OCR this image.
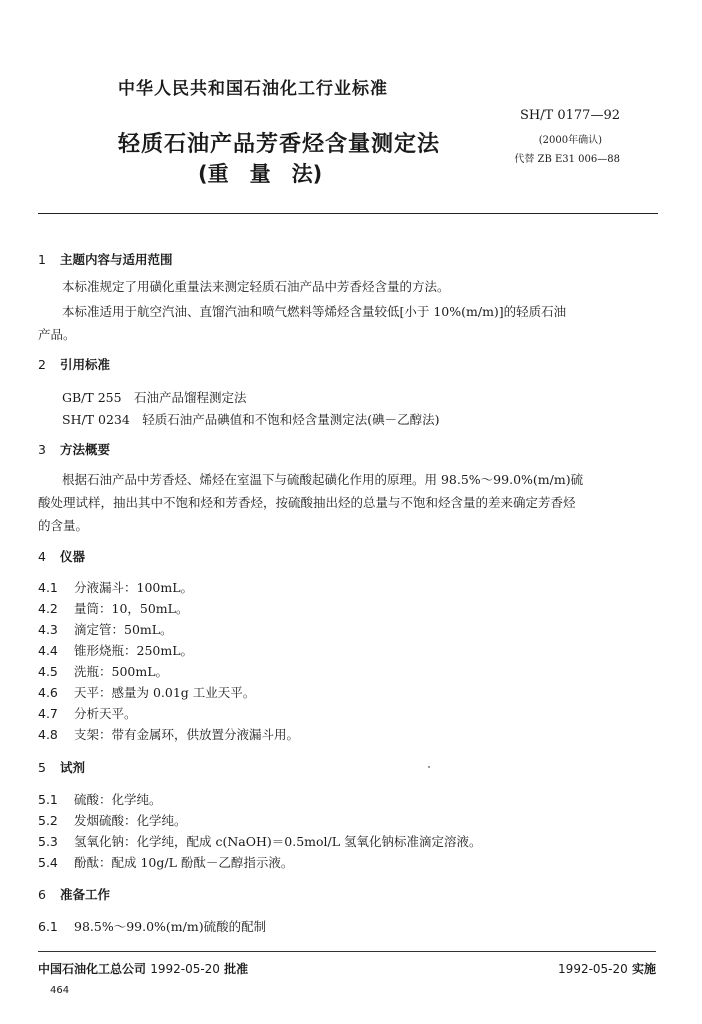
中华人民共和国石油化工行业标准
SH/T 0177—92
(2000年确认)
代替 ZB E31 006—88
轻质石油产品芳香烃含量测定法
(重　量　法)
1 主题内容与适用范围
本标准规定了用磺化重量法来测定轻质石油产品中芳香烃含量的方法。
本标准适用于航空汽油、直馏汽油和喷气燃料等烯烃含量较低[小于 10%(m/m)]的轻质石油
产品。
2 引用标准
GB/T 255　石油产品馏程测定法
SH/T 0234　轻质石油产品碘值和不饱和烃含量测定法(碘－乙醇法)
3 方法概要
根据石油产品中芳香烃、烯烃在室温下与硫酸起磺化作用的原理。用 98.5%～99.0%(m/m)硫
酸处理试样，抽出其中不饱和烃和芳香烃，按硫酸抽出烃的总量与不饱和烃含量的差来确定芳香烃
的含量。
4 仪器
4.1 分液漏斗：100mL。
4.2 量筒：10，50mL。
4.3 滴定管：50mL。
4.4 锥形烧瓶：250mL。
4.5 洗瓶：500mL。
4.6 天平：感量为 0.01g 工业天平。
4.7 分析天平。
4.8 支架：带有金属环，供放置分液漏斗用。
5 试剂
5.1 硫酸：化学纯。
5.2 发烟硫酸：化学纯。
5.3 氢氧化钠：化学纯，配成 c(NaOH)＝0.5mol/L 氢氧化钠标准滴定溶液。
5.4 酚酞：配成 10g/L 酚酞－乙醇指示液。
6 准备工作
6.1 98.5%～99.0%(m/m)硫酸的配制
中国石油化工总公司 1992-05-20 批准	1992-05-20 实施
464
